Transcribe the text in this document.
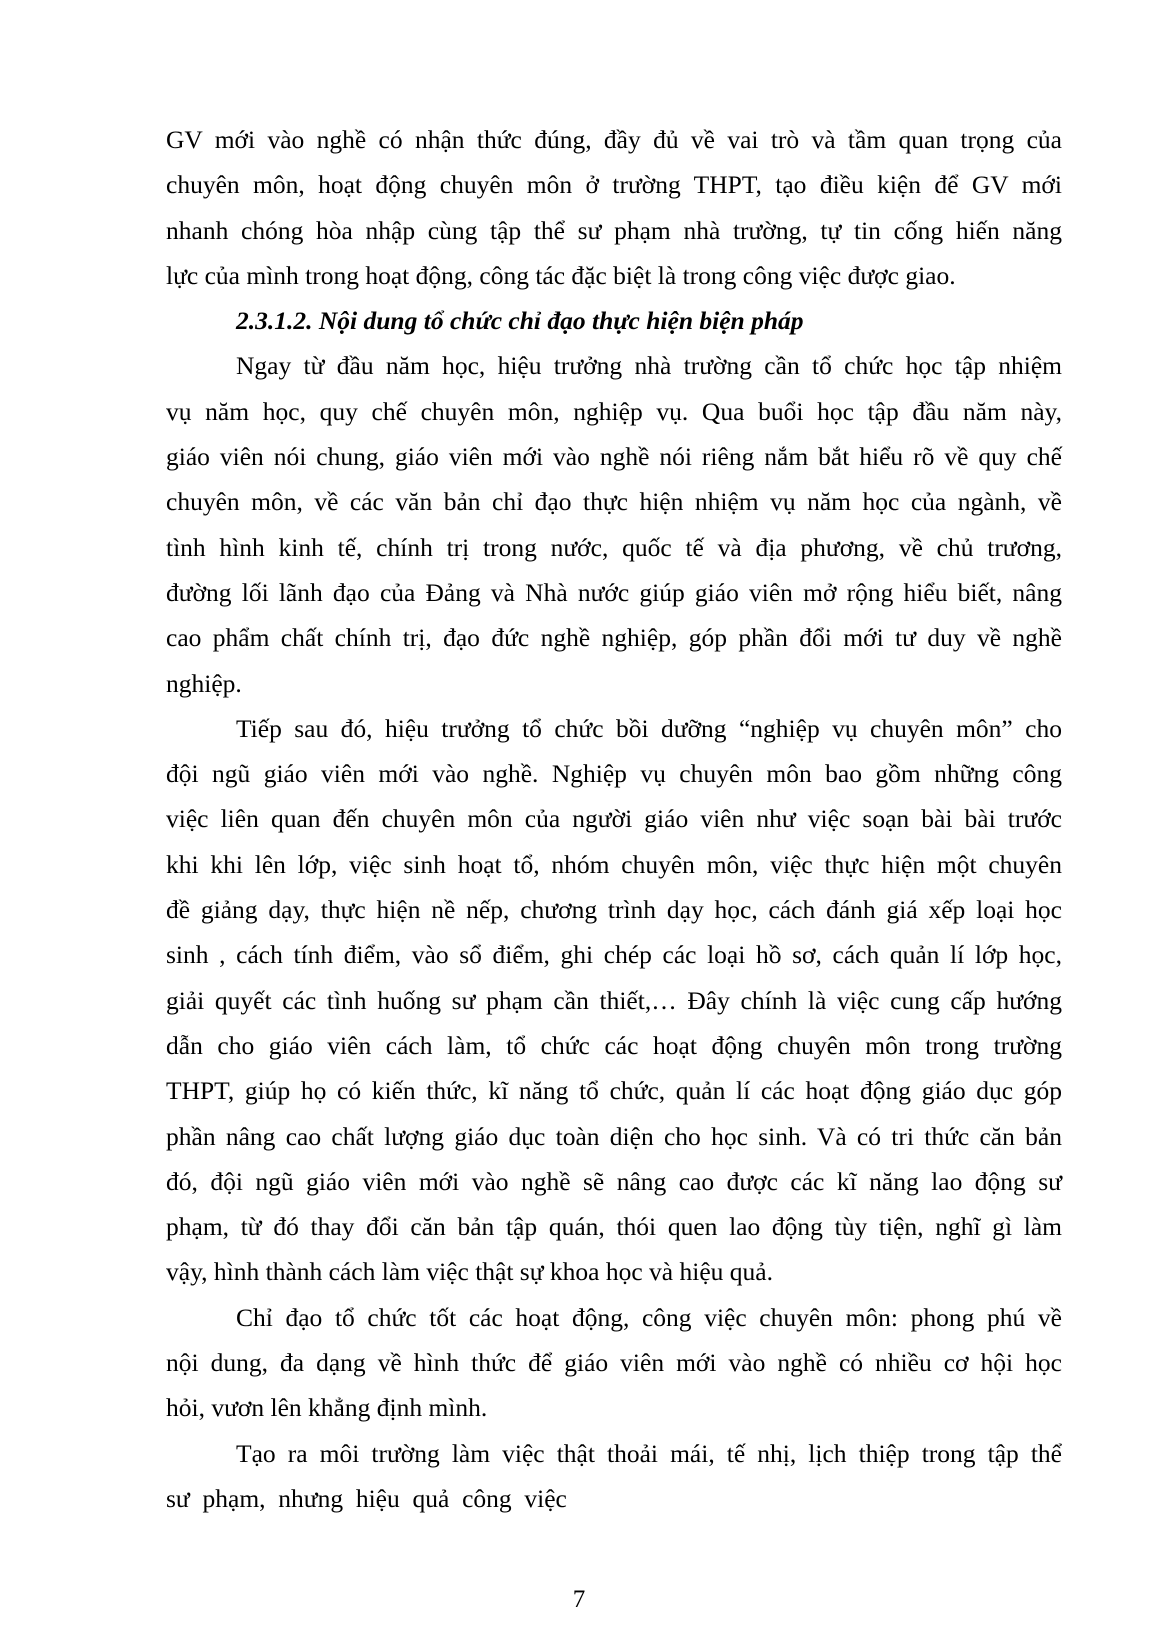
GV mới vào nghề có nhận thức đúng, đầy đủ về vai trò và tầm quan trọng của
chuyên môn, hoạt động chuyên môn ở trường THPT, tạo điều kiện để GV mới
nhanh chóng hòa nhập cùng tập thể sư phạm nhà trường, tự tin cống hiến năng
lực của mình trong hoạt động, công tác đặc biệt là trong công việc được giao.
2.3.1.2. Nội dung tổ chức chỉ đạo thực hiện biện pháp
Ngay từ đầu năm học, hiệu trưởng nhà trường cần tổ chức học tập nhiệm
vụ năm học, quy chế chuyên môn, nghiệp vụ. Qua buổi học tập đầu năm này,
giáo viên nói chung, giáo viên mới vào nghề nói riêng nắm bắt hiểu rõ về quy chế
chuyên môn, về các văn bản chỉ đạo thực hiện nhiệm vụ năm học của ngành, về
tình hình kinh tế, chính trị trong nước, quốc tế và địa phương, về chủ trương,
đường lối lãnh đạo của Đảng và Nhà nước giúp giáo viên mở rộng hiểu biết, nâng
cao phẩm chất chính trị, đạo đức nghề nghiệp, góp phần đổi mới tư duy về nghề
nghiệp.
Tiếp sau đó, hiệu trưởng tổ chức bồi dưỡng “nghiệp vụ chuyên môn” cho
đội ngũ giáo viên mới vào nghề. Nghiệp vụ chuyên môn bao gồm những công
việc liên quan đến chuyên môn của người giáo viên như việc soạn bài bài trước
khi khi lên lớp, việc sinh hoạt tổ, nhóm chuyên môn, việc thực hiện một chuyên
đề giảng dạy, thực hiện nề nếp, chương trình dạy học, cách đánh giá xếp loại học
sinh , cách tính điểm, vào sổ điểm, ghi chép các loại hồ sơ, cách quản lí lớp học,
giải quyết các tình huống sư phạm cần thiết,… Đây chính là việc cung cấp hướng
dẫn cho giáo viên cách làm, tổ chức các hoạt động chuyên môn trong trường
THPT, giúp họ có kiến thức, kĩ năng tổ chức, quản lí các hoạt động giáo dục góp
phần nâng cao chất lượng giáo dục toàn diện cho học sinh. Và có tri thức căn bản
đó, đội ngũ giáo viên mới vào nghề sẽ nâng cao được các kĩ năng lao động sư
phạm, từ đó thay đổi căn bản tập quán, thói quen lao động tùy tiện, nghĩ gì làm
vậy, hình thành cách làm việc thật sự khoa học và hiệu quả.
Chỉ đạo tổ chức tốt các hoạt động, công việc chuyên môn: phong phú về
nội dung, đa dạng về hình thức để giáo viên mới vào nghề có nhiều cơ hội học
hỏi, vươn lên khẳng định mình.
Tạo ra môi trường làm việc thật thoải mái, tế nhị, lịch thiệp trong tập thể
sư  phạm,  nhưng  hiệu  quả  công  việc
7
